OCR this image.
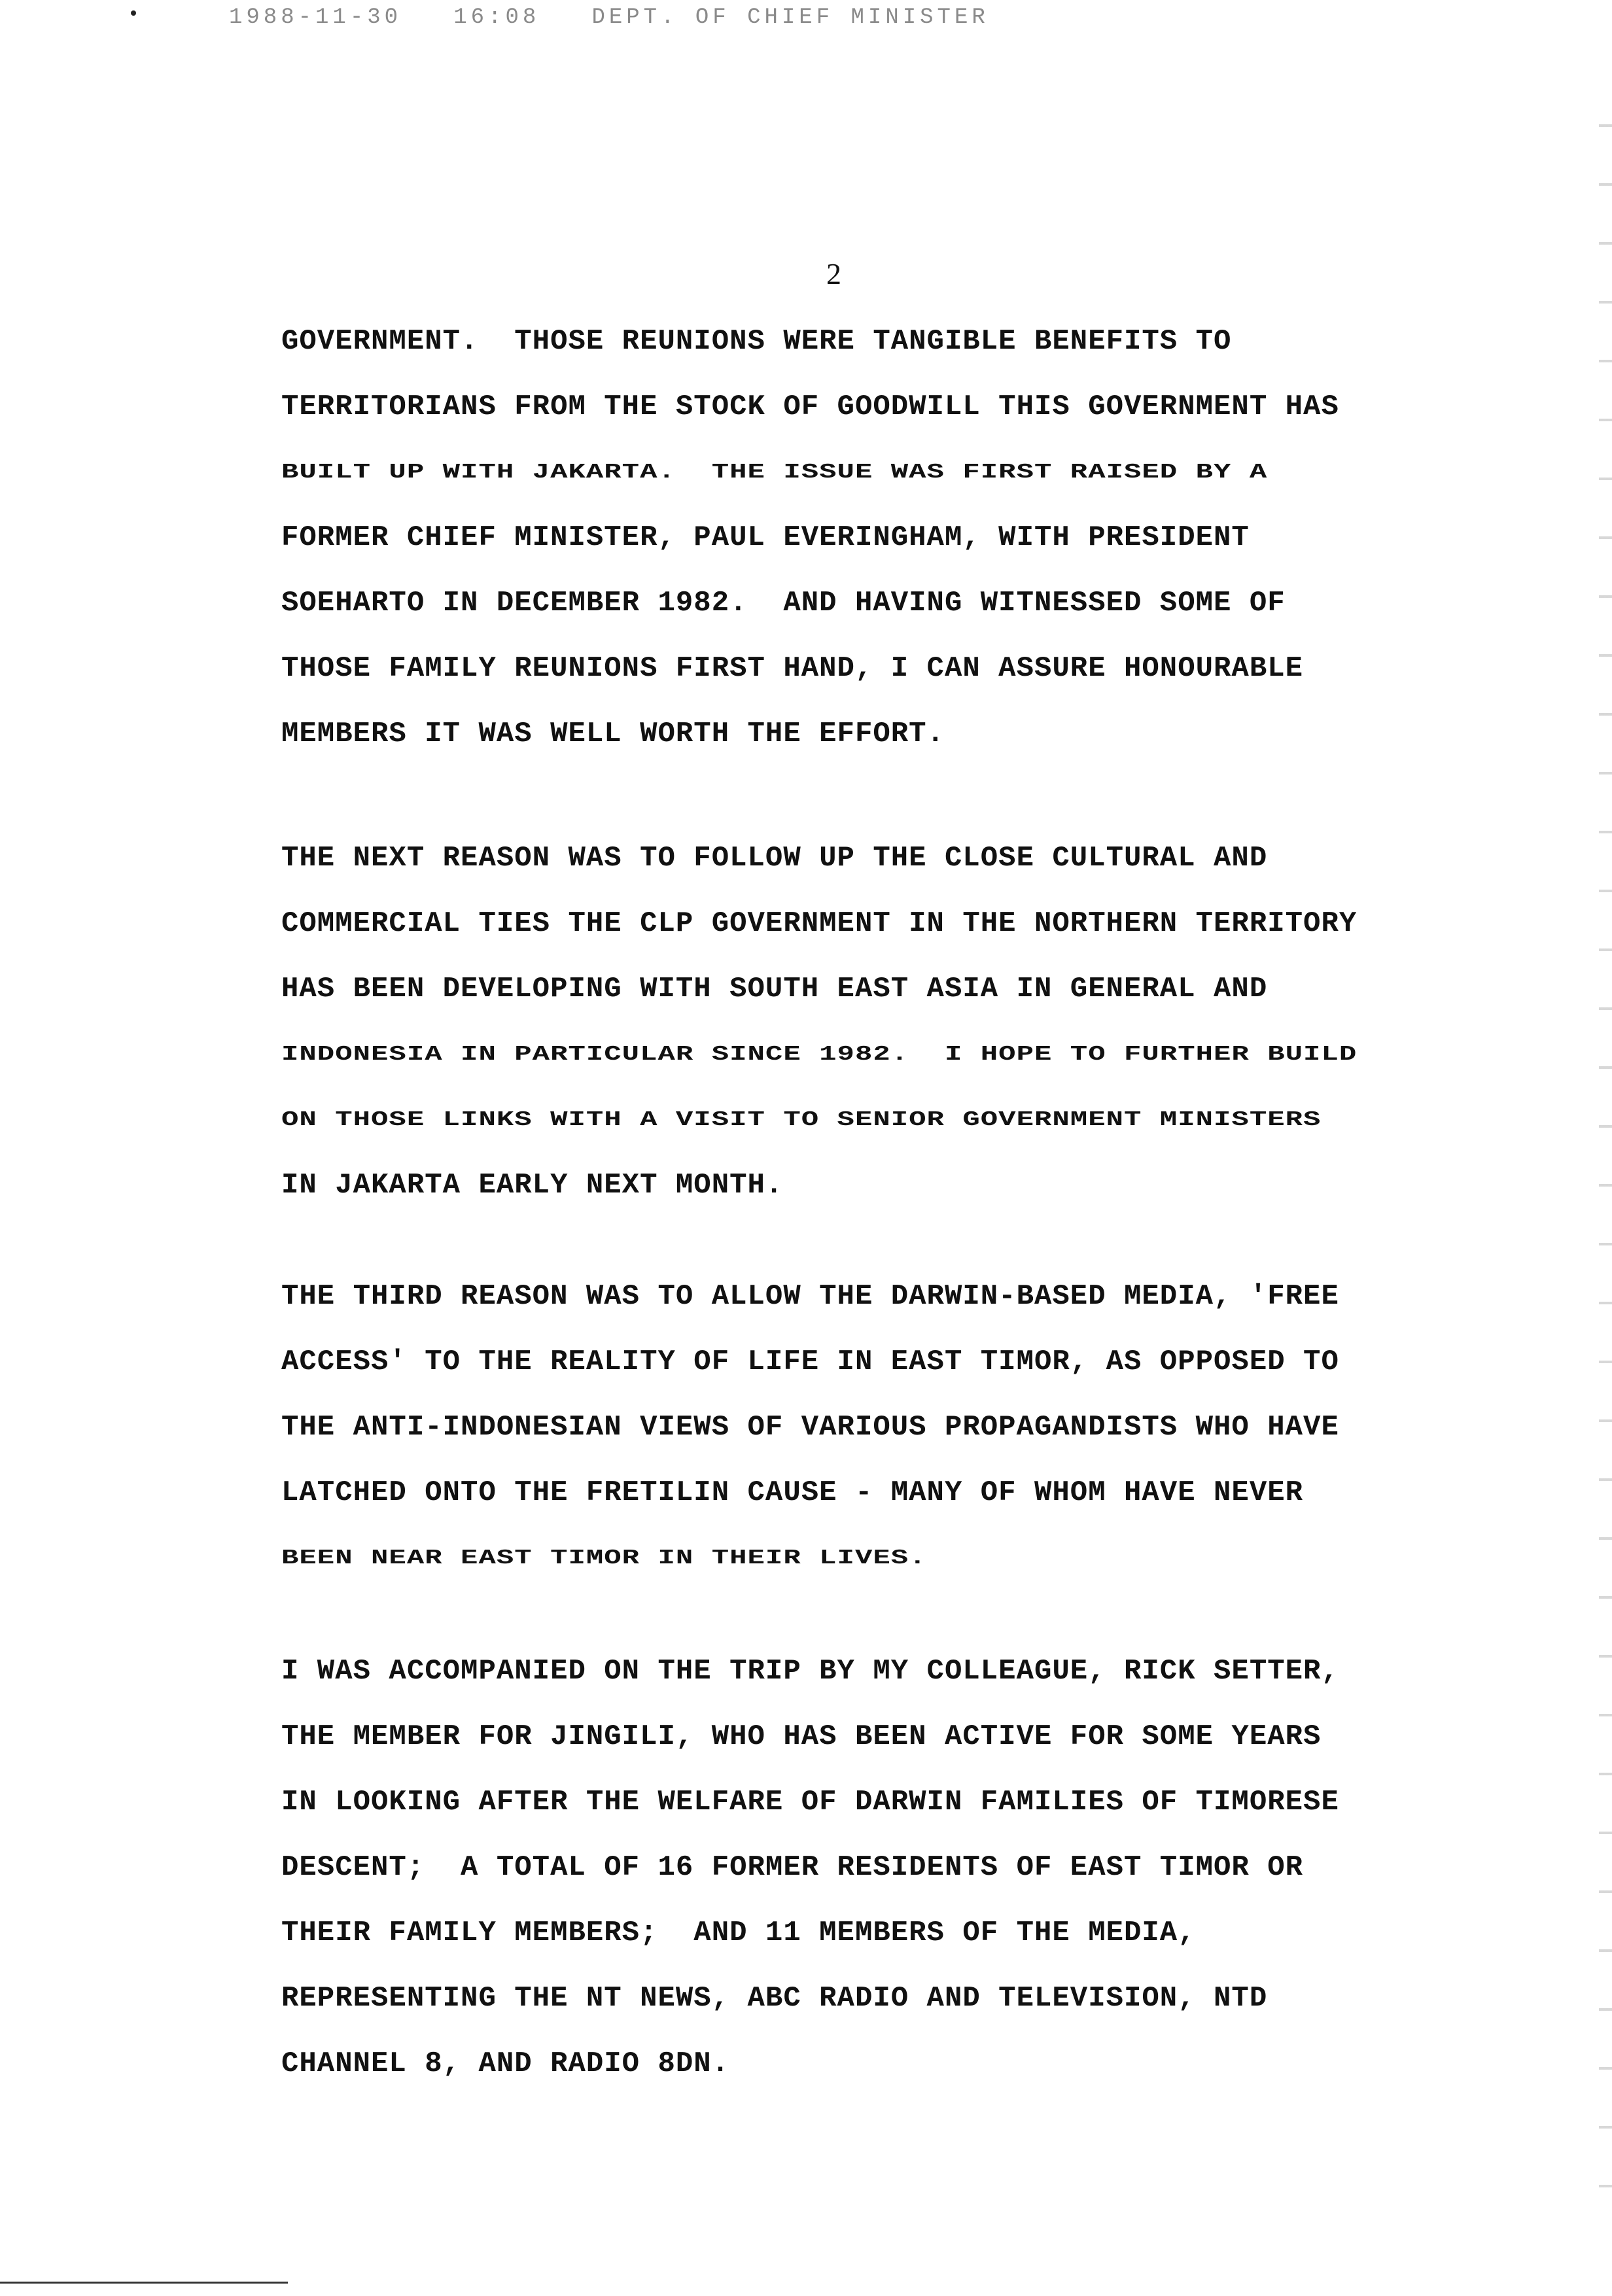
1988-11-30   16:08   DEPT. OF CHIEF MINISTER
2
GOVERNMENT.  THOSE REUNIONS WERE TANGIBLE BENEFITS TO
TERRITORIANS FROM THE STOCK OF GOODWILL THIS GOVERNMENT HAS
BUILT UP WITH JAKARTA.  THE ISSUE WAS FIRST RAISED BY A
FORMER CHIEF MINISTER, PAUL EVERINGHAM, WITH PRESIDENT
SOEHARTO IN DECEMBER 1982.  AND HAVING WITNESSED SOME OF
THOSE FAMILY REUNIONS FIRST HAND, I CAN ASSURE HONOURABLE
MEMBERS IT WAS WELL WORTH THE EFFORT.
THE NEXT REASON WAS TO FOLLOW UP THE CLOSE CULTURAL AND
COMMERCIAL TIES THE CLP GOVERNMENT IN THE NORTHERN TERRITORY
HAS BEEN DEVELOPING WITH SOUTH EAST ASIA IN GENERAL AND
INDONESIA IN PARTICULAR SINCE 1982.  I HOPE TO FURTHER BUILD
ON THOSE LINKS WITH A VISIT TO SENIOR GOVERNMENT MINISTERS
IN JAKARTA EARLY NEXT MONTH.
THE THIRD REASON WAS TO ALLOW THE DARWIN-BASED MEDIA, 'FREE
ACCESS' TO THE REALITY OF LIFE IN EAST TIMOR, AS OPPOSED TO
THE ANTI-INDONESIAN VIEWS OF VARIOUS PROPAGANDISTS WHO HAVE
LATCHED ONTO THE FRETILIN CAUSE - MANY OF WHOM HAVE NEVER
BEEN NEAR EAST TIMOR IN THEIR LIVES.
I WAS ACCOMPANIED ON THE TRIP BY MY COLLEAGUE, RICK SETTER,
THE MEMBER FOR JINGILI, WHO HAS BEEN ACTIVE FOR SOME YEARS
IN LOOKING AFTER THE WELFARE OF DARWIN FAMILIES OF TIMORESE
DESCENT;  A TOTAL OF 16 FORMER RESIDENTS OF EAST TIMOR OR
THEIR FAMILY MEMBERS;  AND 11 MEMBERS OF THE MEDIA,
REPRESENTING THE NT NEWS, ABC RADIO AND TELEVISION, NTD
CHANNEL 8, AND RADIO 8DN.
